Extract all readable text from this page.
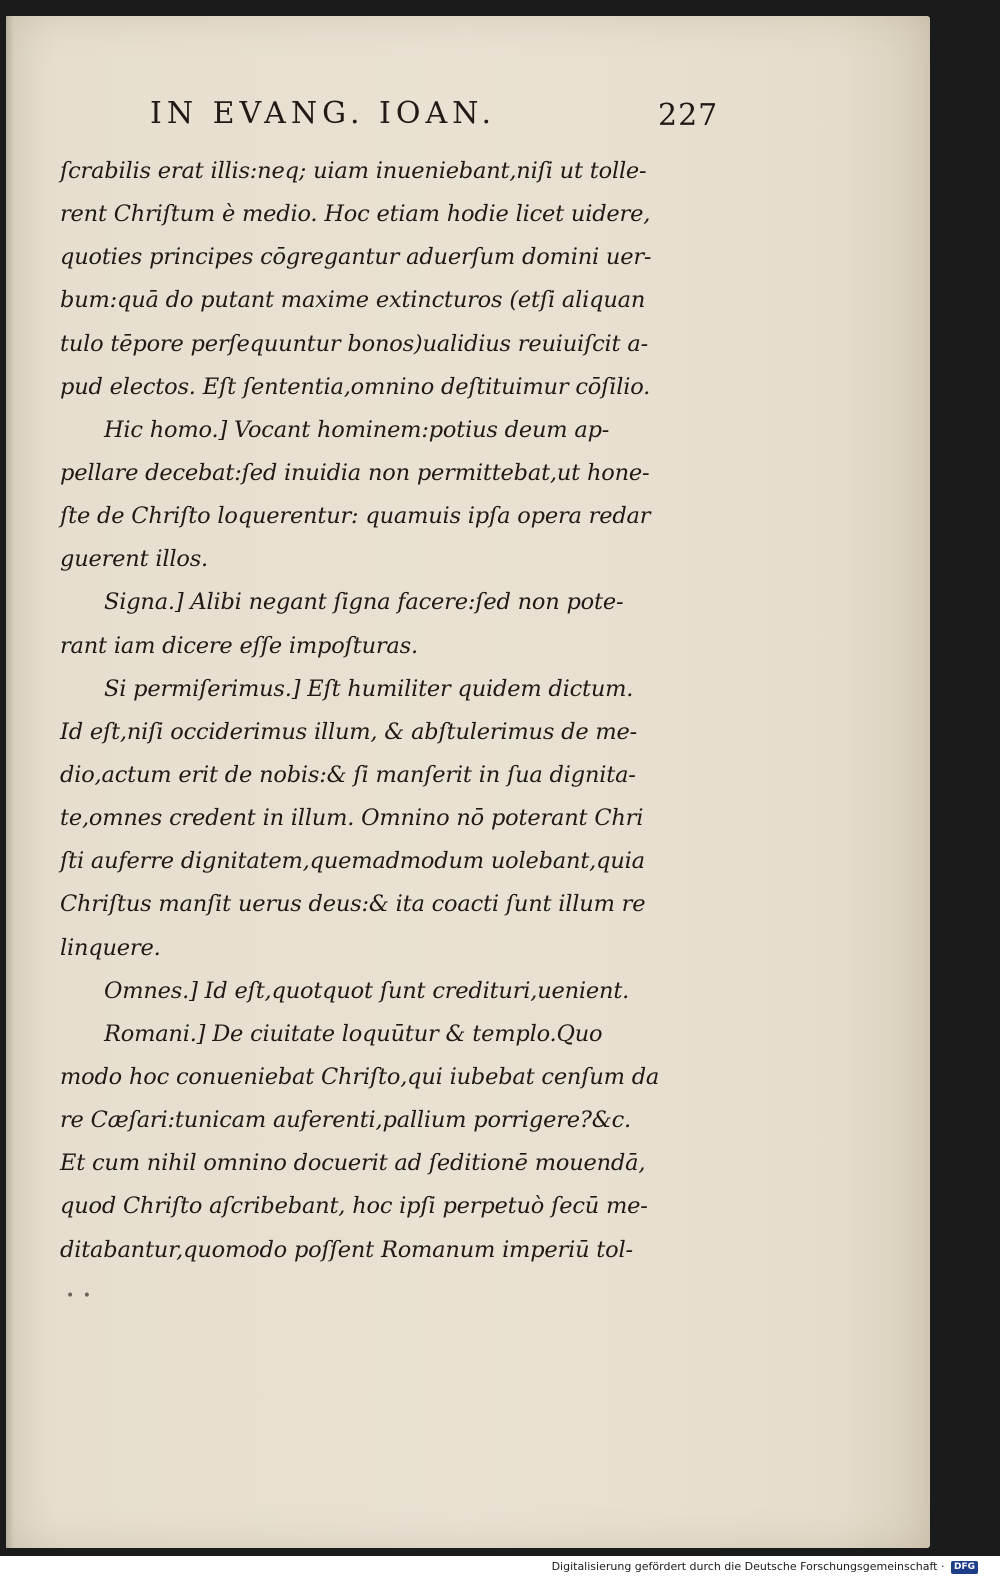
IN EVANG. IOAN.	227
ſcrabilis erat illis:neq; uiam inueniebant,niſi ut tolle-
rent Chriſtum è medio. Hoc etiam hodie licet uidere,
quoties principes cōgregantur aduerſum domini uer-
bum:quā do putant maxime extincturos (etſi aliquan
tulo tēpore perſequuntur bonos)ualidius reuiuiſcit a-
pud electos. Eſt ſententia,omnino deſtituimur cōſilio.
Hic homo.] Vocant hominem:potius deum ap-
pellare decebat:ſed inuidia non permittebat,ut hone-
ſte de Chriſto loquerentur: quamuis ipſa opera redar
guerent illos.
Signa.] Alibi negant ſigna facere:ſed non pote-
rant iam dicere eſſe impoſturas.
Si permiſerimus.] Eſt humiliter quidem dictum.
Id eſt,niſi occiderimus illum, & abſtulerimus de me-
dio,actum erit de nobis:& ſi manſerit in ſua dignita-
te,omnes credent in illum. Omnino nō poterant Chri
ſti auferre dignitatem,quemadmodum uolebant,quia
Chriſtus manſit uerus deus:& ita coacti ſunt illum re
linquere.
Omnes.] Id eſt,quotquot ſunt credituri,uenient.
Romani.] De ciuitate loquūtur & templo.Quo
modo hoc conueniebat Chriſto,qui iubebat cenſum da
re Cæſari:tunicam auferenti,pallium porrigere?&c.
Et cum nihil omnino docuerit ad ſeditionē mouendā,
quod Chriſto aſcribebant, hoc ipſi perpetuò ſecū me-
ditabantur,quomodo poſſent Romanum imperiū tol-
• •
Digitalisierung gefördert durch die Deutsche Forschungsgemeinschaft · DFG
